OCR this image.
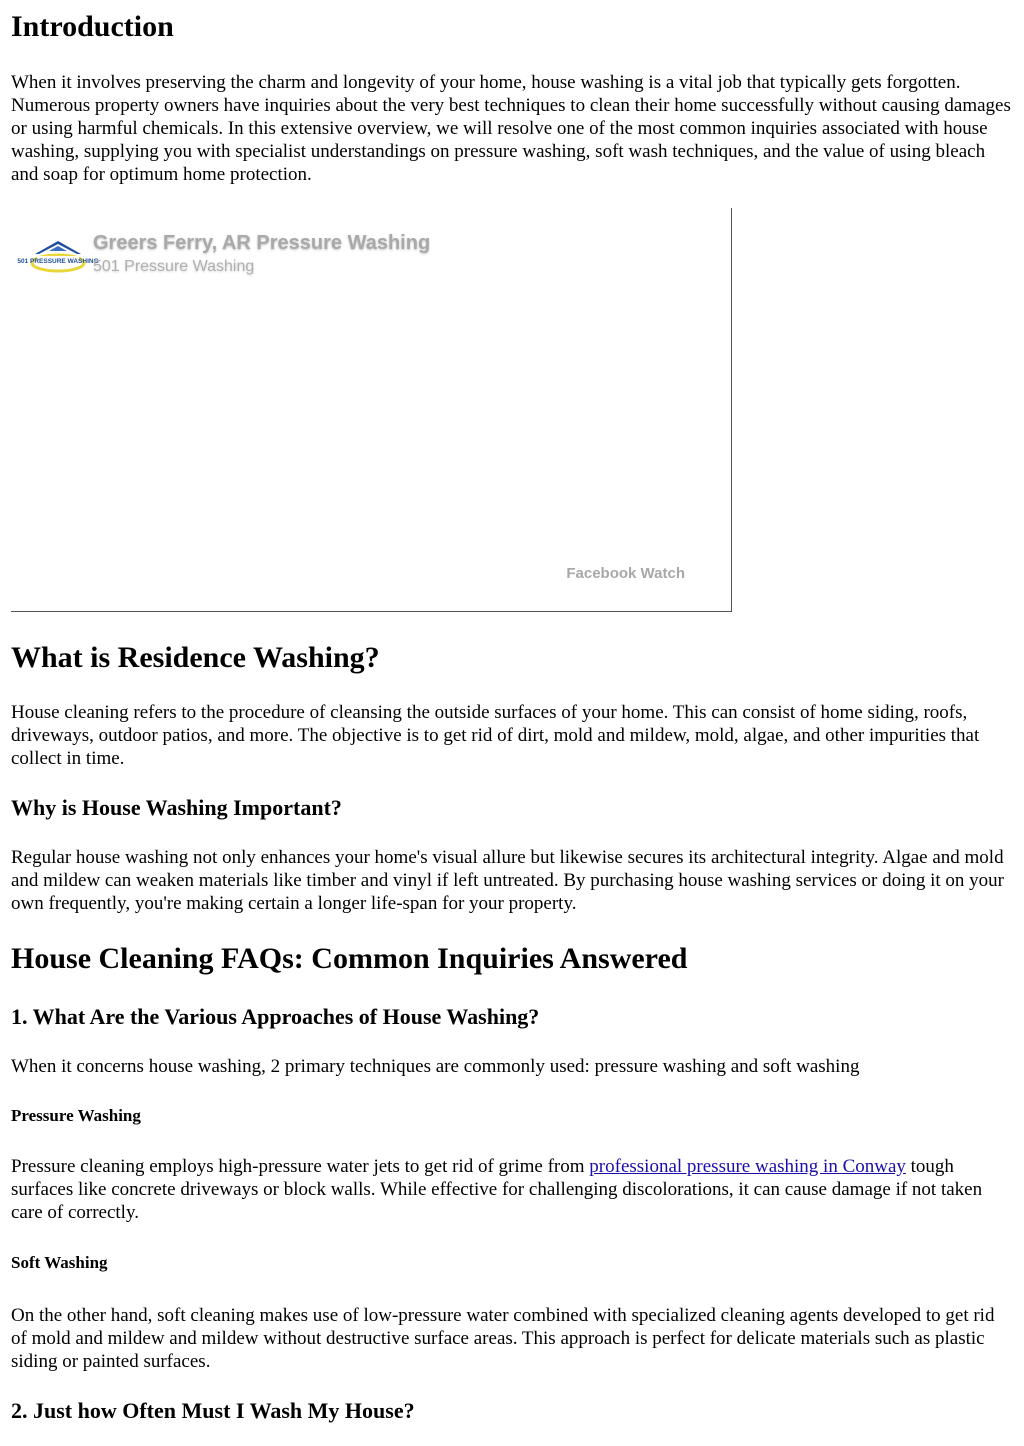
Introduction

When it involves preserving the charm and longevity of your home, house washing is a vital job that typically gets forgotten. Numerous property owners have inquiries about the very best techniques to clean their home successfully without causing damages or using harmful chemicals. In this extensive overview, we will resolve one of the most common inquiries associated with house washing, supplying you with specialist understandings on pressure washing, soft wash techniques, and the value of using bleach and soap for optimum home protection.

501 PRESSURE WASHING
Greers Ferry, AR Pressure Washing
501 Pressure Washing
Facebook Watch
What is Residence Washing?

House cleaning refers to the procedure of cleansing the outside surfaces of your home. This can consist of home siding, roofs, driveways, outdoor patios, and more. The objective is to get rid of dirt, mold and mildew, mold, algae, and other impurities that collect in time.

Why is House Washing Important?

Regular house washing not only enhances your home's visual allure but likewise secures its architectural integrity. Algae and mold and mildew can weaken materials like timber and vinyl if left untreated. By purchasing house washing services or doing it on your own frequently, you're making certain a longer life-span for your property.

House Cleaning FAQs: Common Inquiries Answered
1. What Are the Various Approaches of House Washing?

When it concerns house washing, 2 primary techniques are commonly used: pressure washing and soft washing

Pressure Washing

Pressure cleaning employs high-pressure water jets to get rid of grime from professional pressure washing in Conway tough surfaces like concrete driveways or block walls. While effective for challenging discolorations, it can cause damage if not taken care of correctly.

Soft Washing

On the other hand, soft cleaning makes use of low-pressure water combined with specialized cleaning agents developed to get rid of mold and mildew and mildew without destructive surface areas. This approach is perfect for delicate materials such as plastic siding or painted surfaces.

2. Just how Often Must I Wash My House?
